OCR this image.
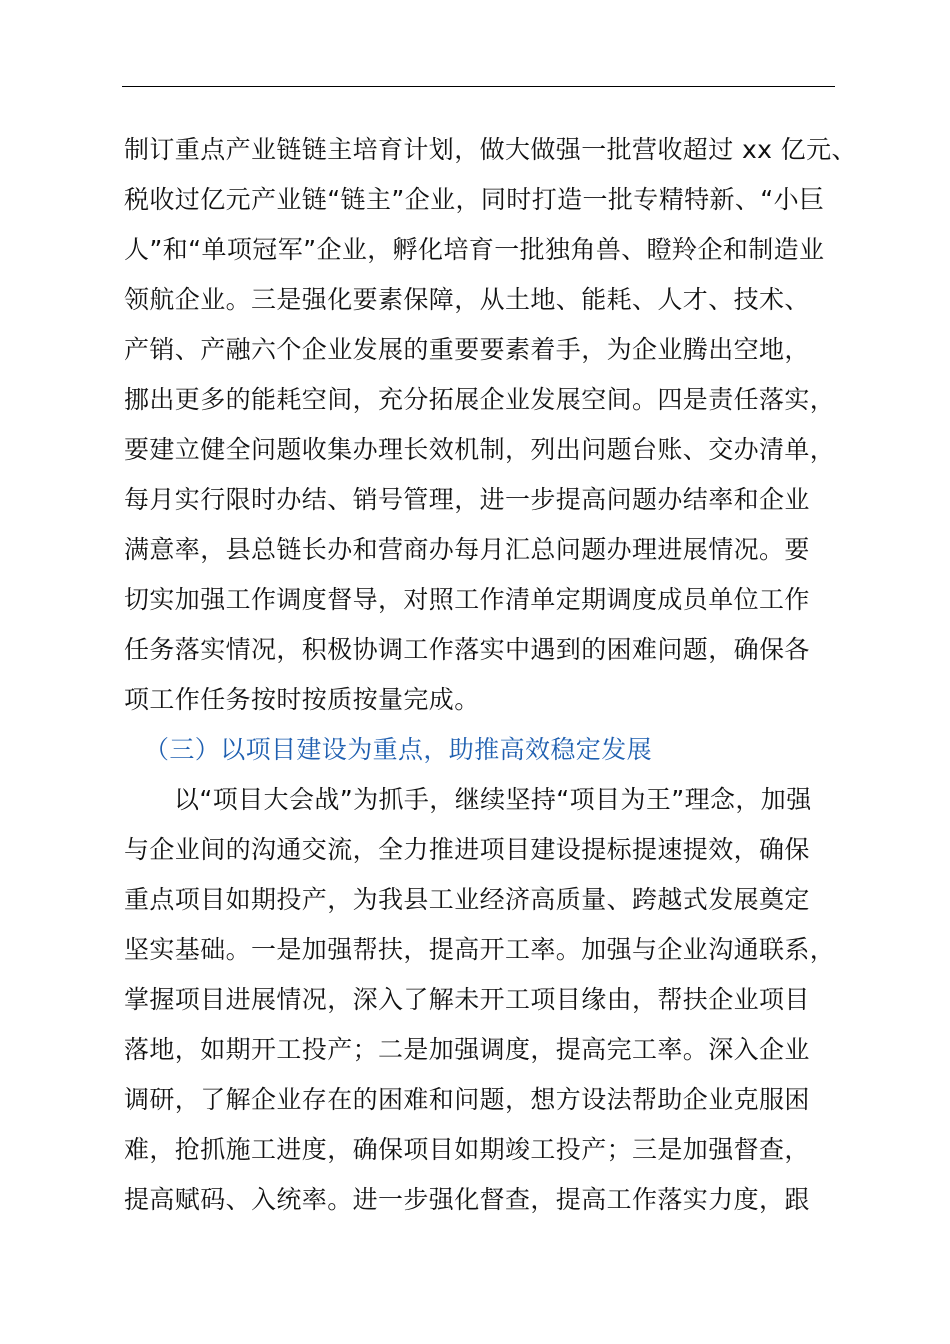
制订重点产业链链主培育计划，做大做强一批营收超过 xx 亿元、
税收过亿元产业链“链主”企业，同时打造一批专精特新、“小巨
人”和“单项冠军”企业，孵化培育一批独角兽、瞪羚企和制造业
领航企业。三是强化要素保障，从土地、能耗、人才、技术、
产销、产融六个企业发展的重要要素着手，为企业腾出空地，
挪出更多的能耗空间，充分拓展企业发展空间。四是责任落实，
要建立健全问题收集办理长效机制，列出问题台账、交办清单，
每月实行限时办结、销号管理，进一步提高问题办结率和企业
满意率，县总链长办和营商办每月汇总问题办理进展情况。要
切实加强工作调度督导，对照工作清单定期调度成员单位工作
任务落实情况，积极协调工作落实中遇到的困难问题，确保各
项工作任务按时按质按量完成。
（三）以项目建设为重点，助推高效稳定发展
以“项目大会战”为抓手，继续坚持“项目为王”理念，加强
与企业间的沟通交流，全力推进项目建设提标提速提效，确保
重点项目如期投产，为我县工业经济高质量、跨越式发展奠定
坚实基础。一是加强帮扶，提高开工率。加强与企业沟通联系，
掌握项目进展情况，深入了解未开工项目缘由，帮扶企业项目
落地，如期开工投产；二是加强调度，提高完工率。深入企业
调研，了解企业存在的困难和问题，想方设法帮助企业克服困
难，抢抓施工进度，确保项目如期竣工投产；三是加强督查，
提高赋码、入统率。进一步强化督查，提高工作落实力度，跟
